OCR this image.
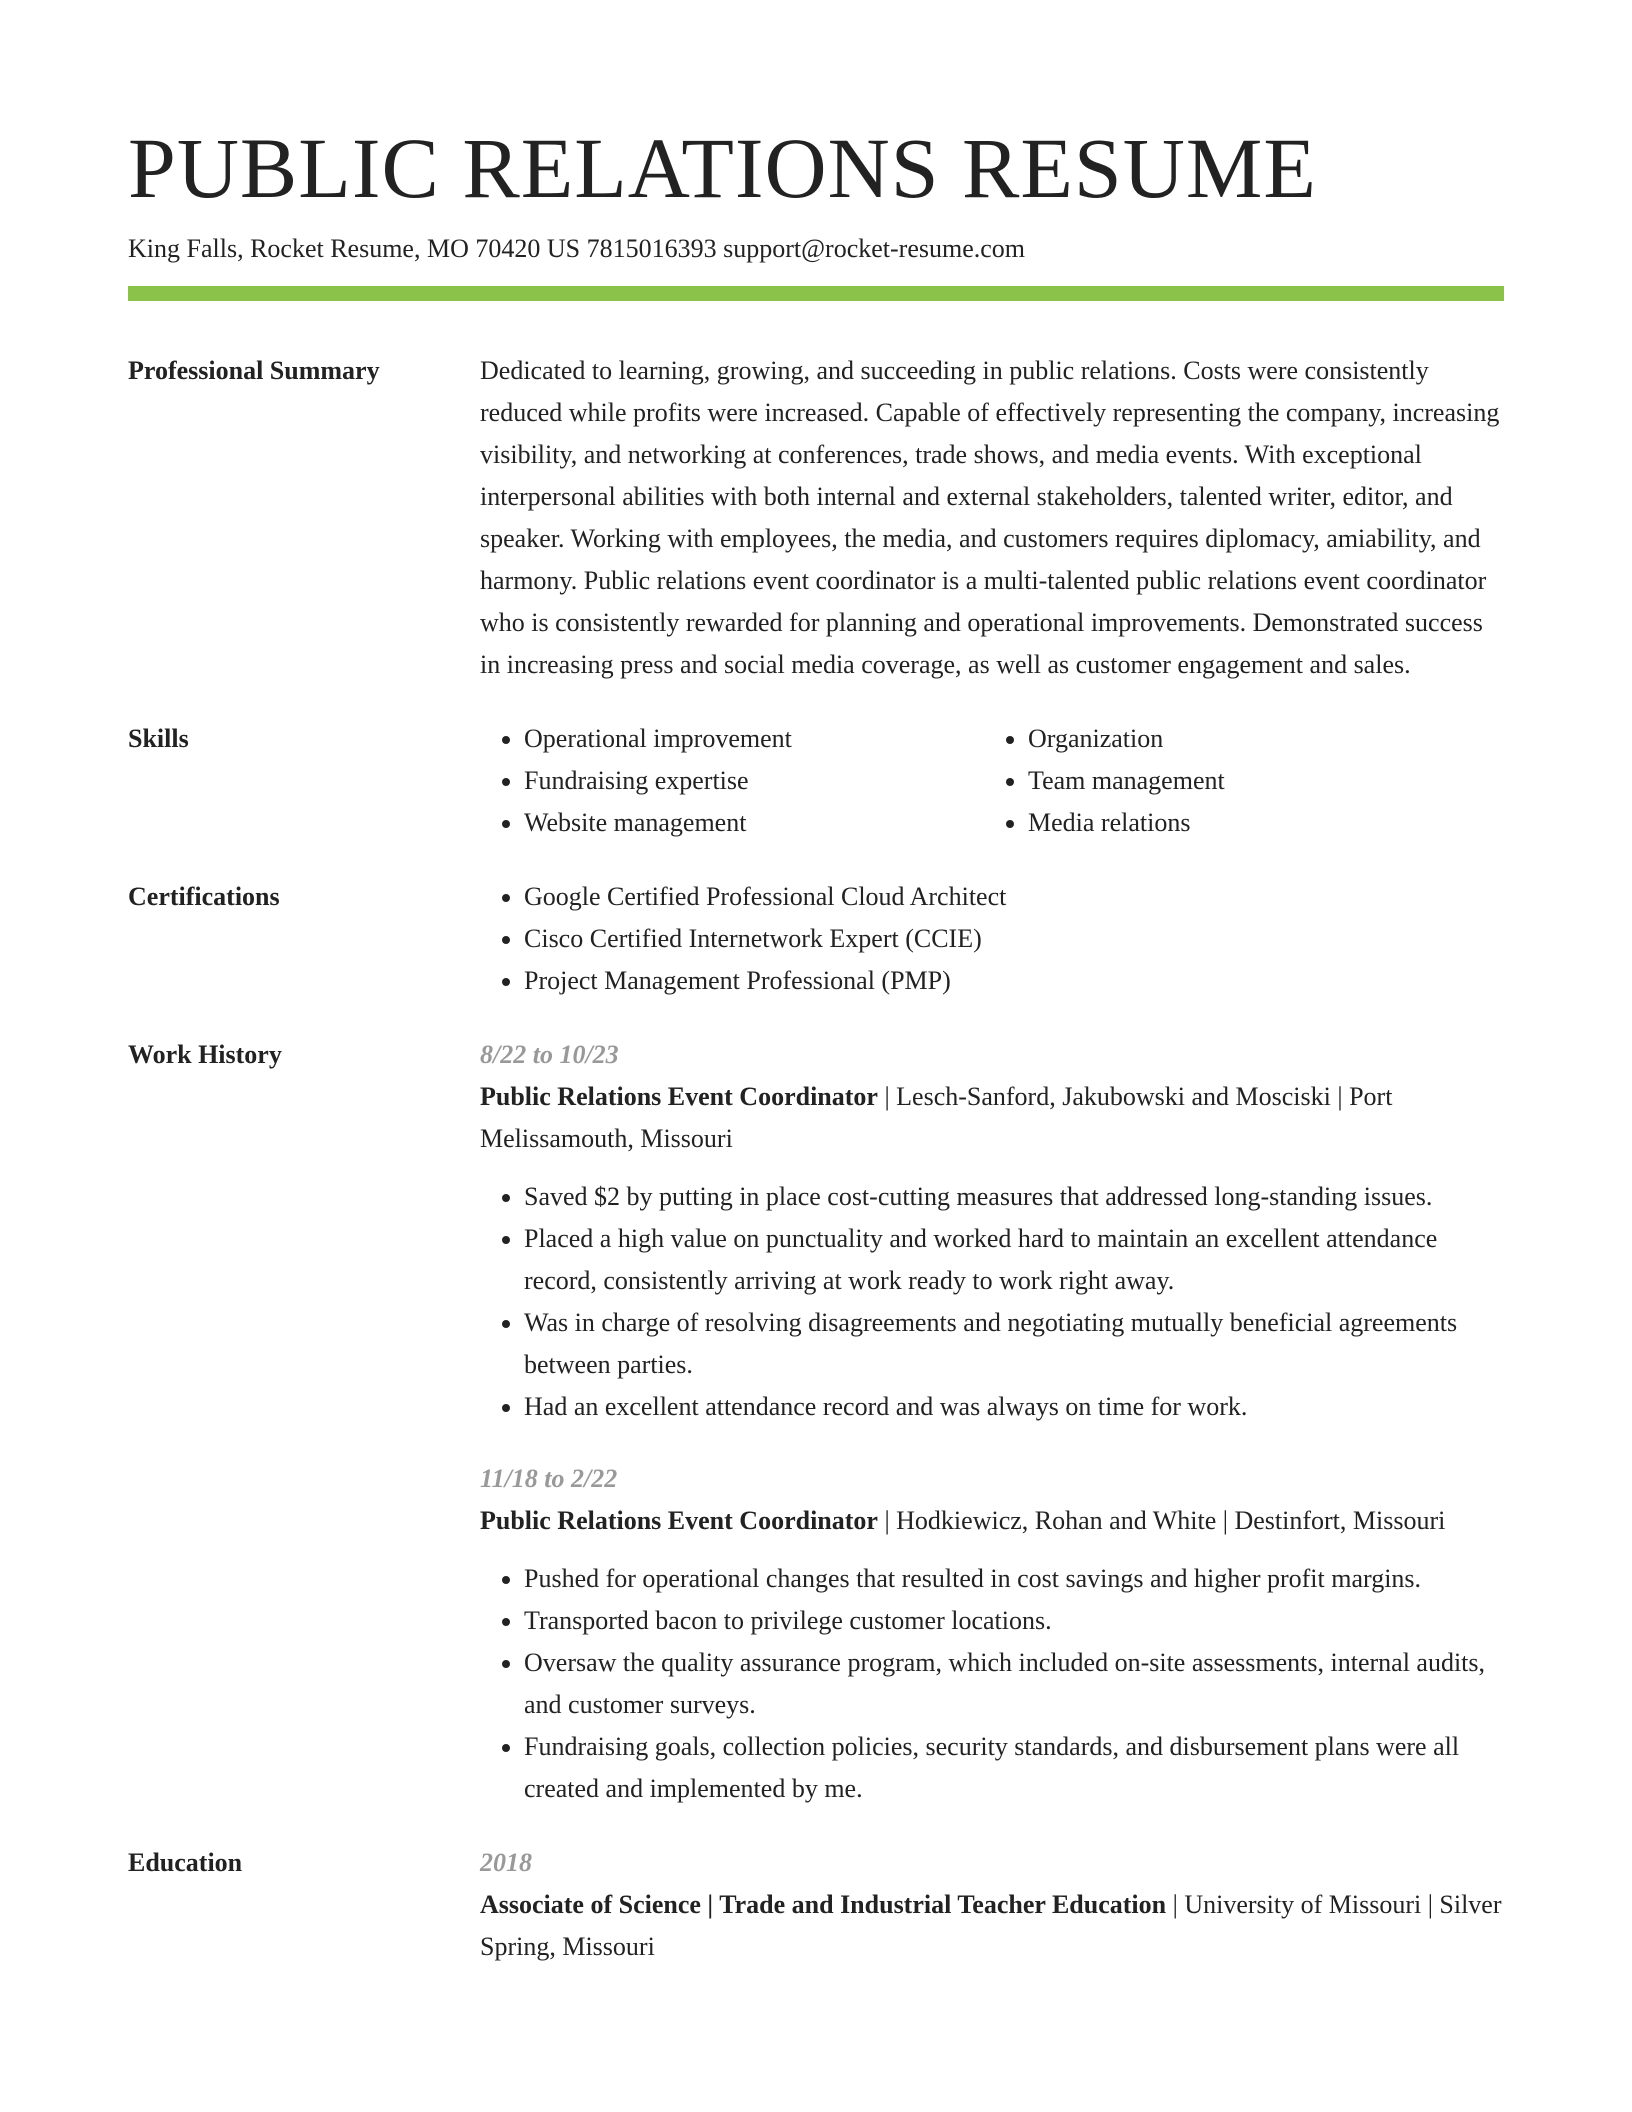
PUBLIC RELATIONS RESUME
King Falls, Rocket Resume, MO 70420 US 7815016393 support@rocket-resume.com
Professional Summary	Dedicated to learning, growing, and succeeding in public relations. Costs were consistently reduced while profits were increased. Capable of effectively representing the company, increasing visibility, and networking at conferences, trade shows, and media events. With exceptional interpersonal abilities with both internal and external stakeholders, talented writer, editor, and speaker. Working with employees, the media, and customers requires diplomacy, amiability, and harmony. Public relations event coordinator is a multi-talented public relations event coordinator who is consistently rewarded for planning and operational improvements. Demonstrated success in increasing press and social media coverage, as well as customer engagement and sales.

Skills	• Operational improvement
• Fundraising expertise
• Website management
• Organization
• Team management
• Media relations
Certifications	• Google Certified Professional Cloud Architect
• Cisco Certified Internetwork Expert (CCIE)
• Project Management Professional (PMP)
Work History	8/22 to 10/23
Public Relations Event Coordinator | Lesch-Sanford, Jakubowski and Mosciski | Port Melissamouth, Missouri
• Saved $2 by putting in place cost-cutting measures that addressed long-standing issues.
• Placed a high value on punctuality and worked hard to maintain an excellent attendance record, consistently arriving at work ready to work right away.
• Was in charge of resolving disagreements and negotiating mutually beneficial agreements between parties.
• Had an excellent attendance record and was always on time for work.
11/18 to 2/22
Public Relations Event Coordinator | Hodkiewicz, Rohan and White | Destinfort, Missouri
• Pushed for operational changes that resulted in cost savings and higher profit margins.
• Transported bacon to privilege customer locations.
• Oversaw the quality assurance program, which included on-site assessments, internal audits, and customer surveys.
• Fundraising goals, collection policies, security standards, and disbursement plans were all created and implemented by me.
Education	2018
Associate of Science | Trade and Industrial Teacher Education | University of Missouri | Silver Spring, Missouri
